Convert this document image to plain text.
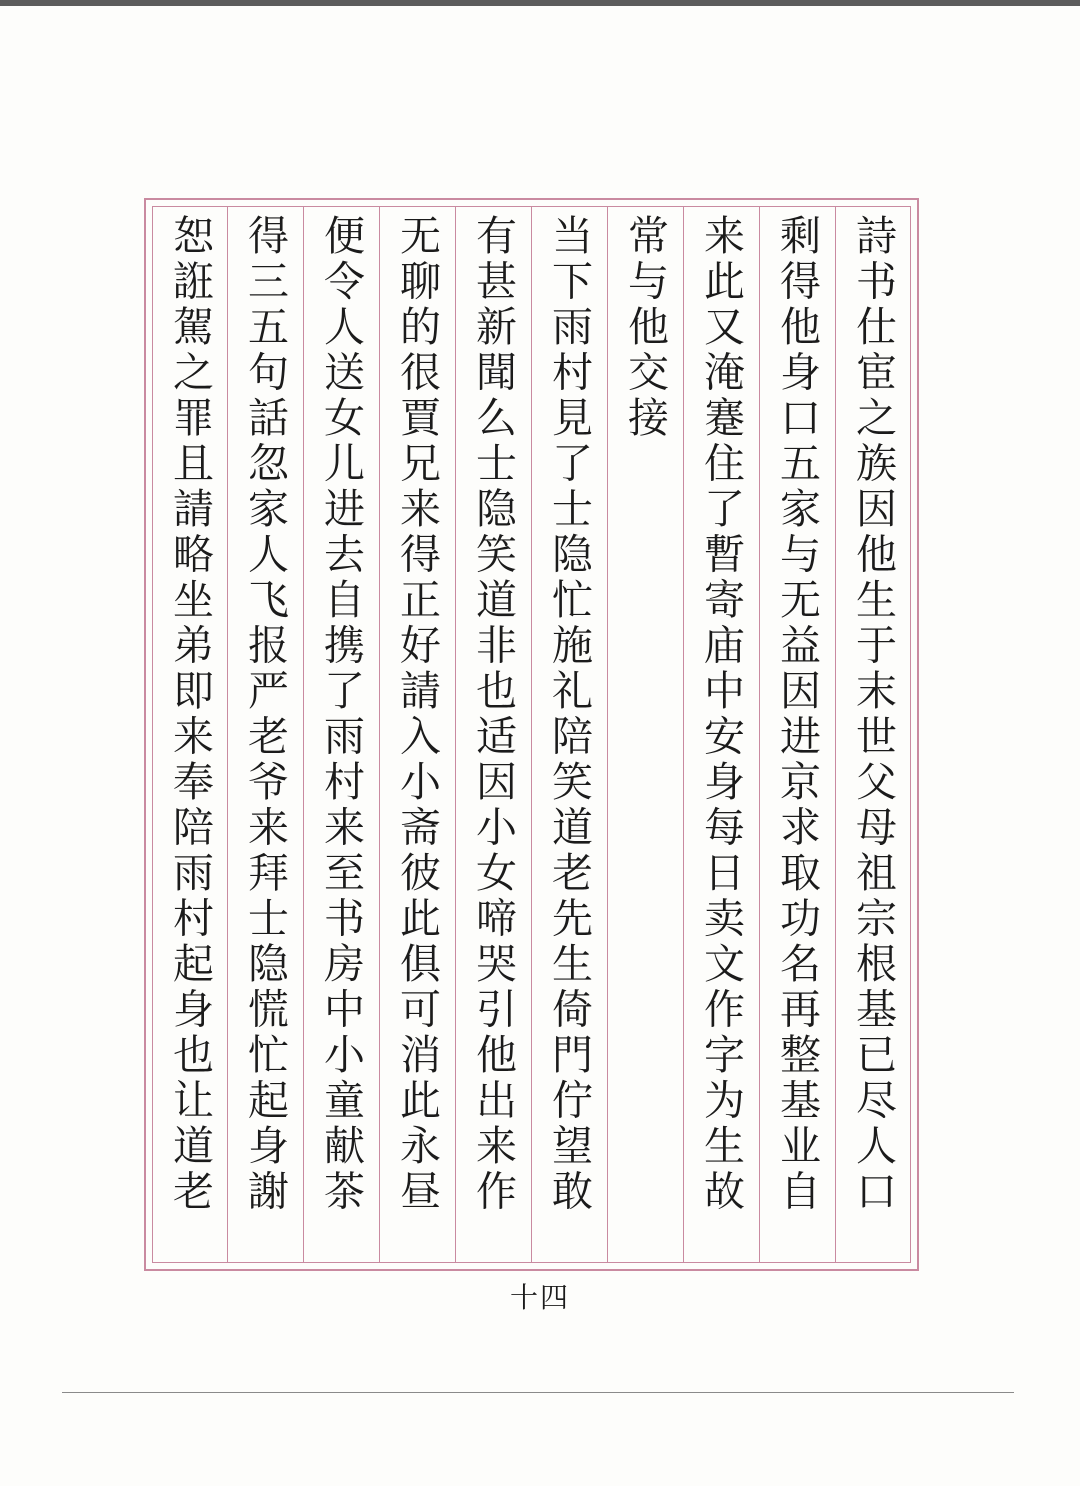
詩书仕宦之族因他生于末世父母祖宗根基已尽人口
剩得他身口五家与无益因进京求取功名再整基业自
来此又淹蹇住了暫寄庙中安身每日卖文作字为生故
常与他交接
当下雨村見了士隐忙施礼陪笑道老先生倚門佇望敢
有甚新聞么士隐笑道非也适因小女啼哭引他出来作
无聊的很賈兄来得正好請入小斋彼此俱可消此永昼
便令人送女儿进去自携了雨村来至书房中小童献茶
得三五句話忽家人飞报严老爷来拜士隐慌忙起身謝
恕誑駕之罪且請略坐弟即来奉陪雨村起身也让道老
十四
